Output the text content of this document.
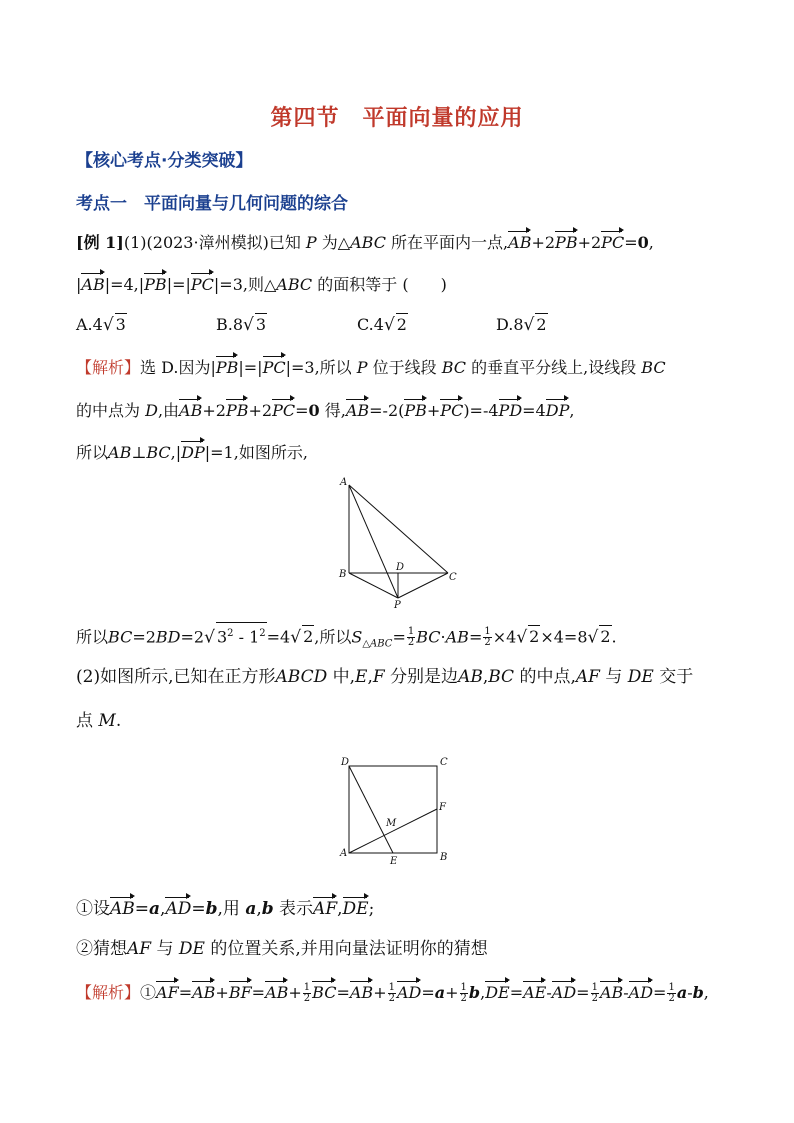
第四节　平面向量的应用
【核心考点·分类突破】
考点一　平面向量与几何问题的综合
[例 1](1)(2023·漳州模拟)已知 P 为△ABC 所在平面内一点,AB+2PB+2PC=0,
|AB|=4,|PB|=|PC|=3,则△ABC 的面积等于 (　　)
A.4√ 3	B.8√ 3	C.4√ 2	D.8√ 2
【解析】选 D.因为|PB|=|PC|=3,所以 P 位于线段 BC 的垂直平分线上,设线段 BC
的中点为 D,由AB+2PB+2PC=0 得,AB=-2(PB+PC)=-4PD=4DP,
所以AB⊥BC,|DP|=1,如图所示,
A
B
D
C
P
所以BC=2BD=2√ $3^2 - 1^2=4√$ 2,所以$S_{\triangle ABC}= \frac{1}{2} BC\cdot AB= \frac{1}{2} \times 4√$ 2×4=8√ 2.
(2)如图所示,已知在正方形ABCD 中,E,F 分别是边AB,BC 的中点,AF 与 DE 交于
点 M.
D	C
F
M
A
E	B
①设AB=a,AD=b,用 a,b 表示AF,DE;
②猜想AF 与 DE 的位置关系,并用向量法证明你的猜想
【解析】①AF=AB+BF=AB+ $\frac{1}{2} BC=AB+ \frac{1}{2} AD=a+ \frac{1}{2} b,DE=AE-AD= \frac{1}{2} AB-AD= \frac{1}{2} a-b$,
